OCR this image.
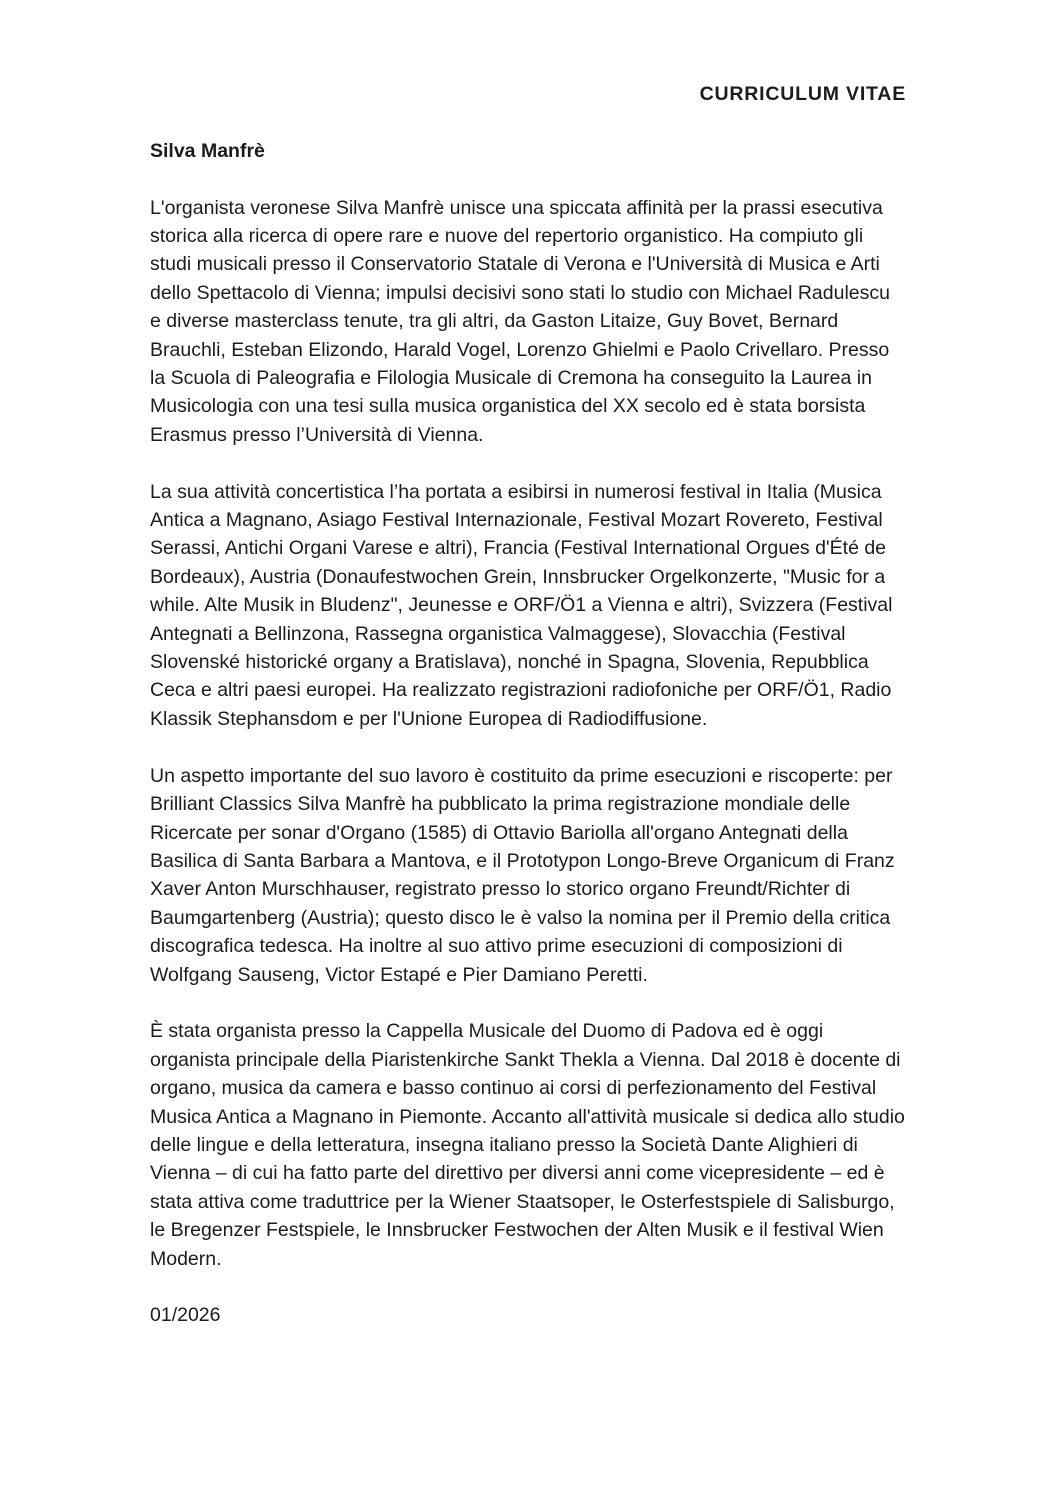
CURRICULUM VITAE
Silva Manfrè

L'organista veronese Silva Manfrè unisce una spiccata affinità per la prassi esecutiva storica alla ricerca di opere rare e nuove del repertorio organistico. Ha compiuto gli studi musicali presso il Conservatorio Statale di Verona e l'Università di Musica e Arti dello Spettacolo di Vienna; impulsi decisivi sono stati lo studio con Michael Radulescu e diverse masterclass tenute, tra gli altri, da Gaston Litaize, Guy Bovet, Bernard Brauchli, Esteban Elizondo, Harald Vogel, Lorenzo Ghielmi e Paolo Crivellaro. Presso la Scuola di Paleografia e Filologia Musicale di Cremona ha conseguito la Laurea in Musicologia con una tesi sulla musica organistica del XX secolo ed è stata borsista Erasmus presso l’Università di Vienna.

La sua attività concertistica l’ha portata a esibirsi in numerosi festival in Italia (Musica Antica a Magnano, Asiago Festival Internazionale, Festival Mozart Rovereto, Festival Serassi, Antichi Organi Varese e altri), Francia (Festival International Orgues d'Été de Bordeaux), Austria (Donaufestwochen Grein, Innsbrucker Orgelkonzerte, "Music for a while. Alte Musik in Bludenz", Jeunesse e ORF/Ö1 a Vienna e altri), Svizzera (Festival Antegnati a Bellinzona, Rassegna organistica Valmaggese), Slovacchia (Festival Slovenské historické organy a Bratislava), nonché in Spagna, Slovenia, Repubblica Ceca e altri paesi europei. Ha realizzato registrazioni radiofoniche per ORF/Ö1, Radio Klassik Stephansdom e per l'Unione Europea di Radiodiffusione.

Un aspetto importante del suo lavoro è costituito da prime esecuzioni e riscoperte: per Brilliant Classics Silva Manfrè ha pubblicato la prima registrazione mondiale delle Ricercate per sonar d'Organo (1585) di Ottavio Bariolla all'organo Antegnati della Basilica di Santa Barbara a Mantova, e il Prototypon Longo-Breve Organicum di Franz Xaver Anton Murschhauser, registrato presso lo storico organo Freundt/Richter di Baumgartenberg (Austria); questo disco le è valso la nomina per il Premio della critica discografica tedesca. Ha inoltre al suo attivo prime esecuzioni di composizioni di Wolfgang Sauseng, Victor Estapé e Pier Damiano Peretti.

È stata organista presso la Cappella Musicale del Duomo di Padova ed è oggi organista principale della Piaristenkirche Sankt Thekla a Vienna. Dal 2018 è docente di organo, musica da camera e basso continuo ai corsi di perfezionamento del Festival Musica Antica a Magnano in Piemonte. Accanto all'attività musicale si dedica allo studio delle lingue e della letteratura, insegna italiano presso la Società Dante Alighieri di Vienna – di cui ha fatto parte del direttivo per diversi anni come vicepresidente – ed è stata attiva come traduttrice per la Wiener Staatsoper, le Osterfestspiele di Salisburgo, le Bregenzer Festspiele, le Innsbrucker Festwochen der Alten Musik e il festival Wien Modern.

01/2026
